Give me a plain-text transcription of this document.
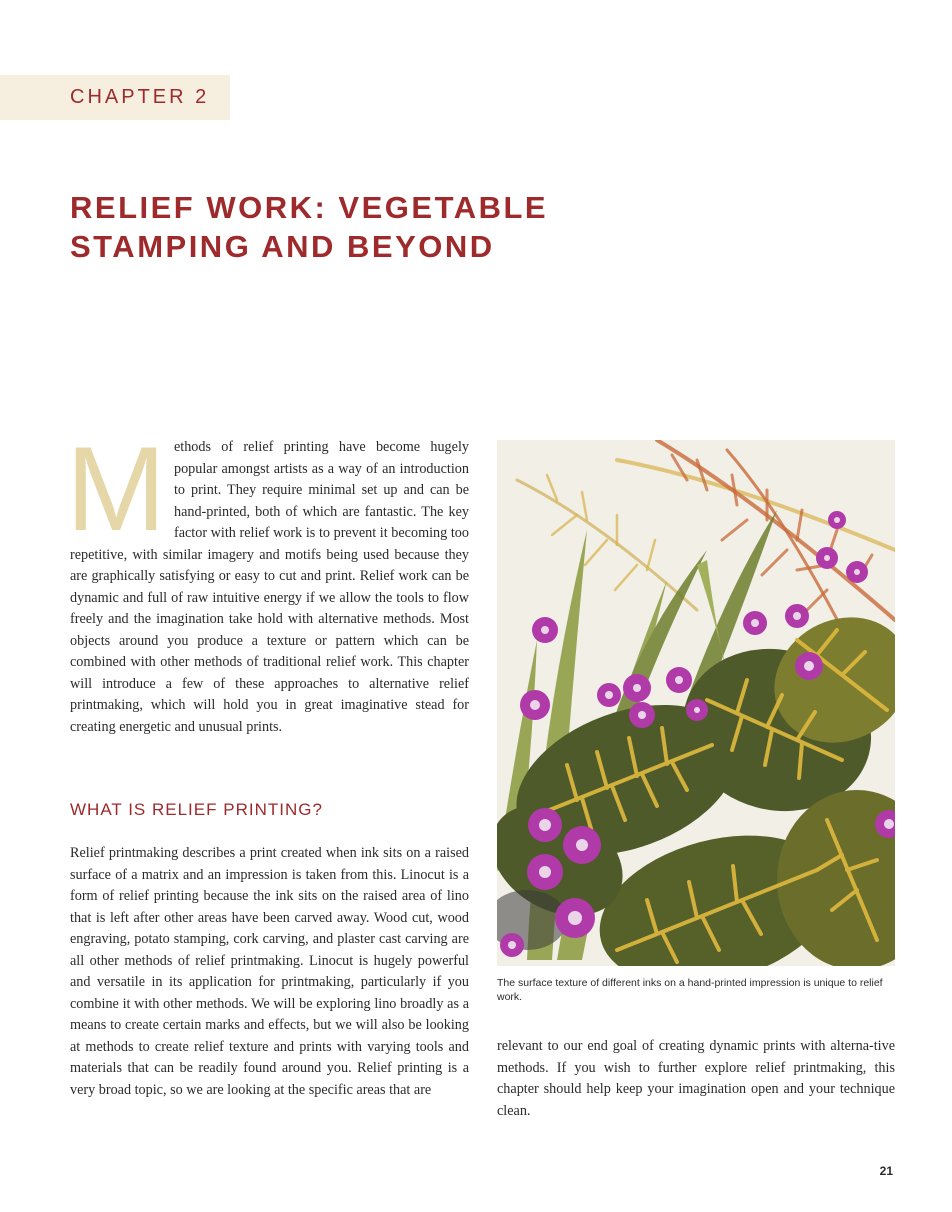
CHAPTER 2
RELIEF WORK: VEGETABLE STAMPING AND BEYOND
Methods of relief printing have become hugely popular amongst artists as a way of an introduction to print. They require minimal set up and can be hand-printed, both of which are fantastic. The key factor with relief work is to prevent it becoming too repetitive, with similar imagery and motifs being used because they are graphically satisfying or easy to cut and print. Relief work can be dynamic and full of raw intuitive energy if we allow the tools to flow freely and the imagination take hold with alternative methods. Most objects around you produce a texture or pattern which can be combined with other methods of traditional relief work. This chapter will introduce a few of these approaches to alternative relief printmaking, which will hold you in great imaginative stead for creating energetic and unusual prints.
WHAT IS RELIEF PRINTING?

Relief printmaking describes a print created when ink sits on a raised surface of a matrix and an impression is taken from this. Linocut is a form of relief printing because the ink sits on the raised area of lino that is left after other areas have been carved away. Wood cut, wood engraving, potato stamping, cork carving, and plaster cast carving are all other methods of relief printmaking. Linocut is hugely powerful and versatile in its application for printmaking, particularly if you combine it with other methods. We will be exploring lino broadly as a means to create certain marks and effects, but we will also be looking at methods to create relief texture and prints with varying tools and materials that can be readily found around you. Relief printing is a very broad topic, so we are looking at the specific areas that are

The surface texture of different inks on a hand-printed impression is unique to relief work.

relevant to our end goal of creating dynamic prints with alterna-tive methods. If you wish to further explore relief printmaking, this chapter should help keep your imagination open and your technique clean.

21
